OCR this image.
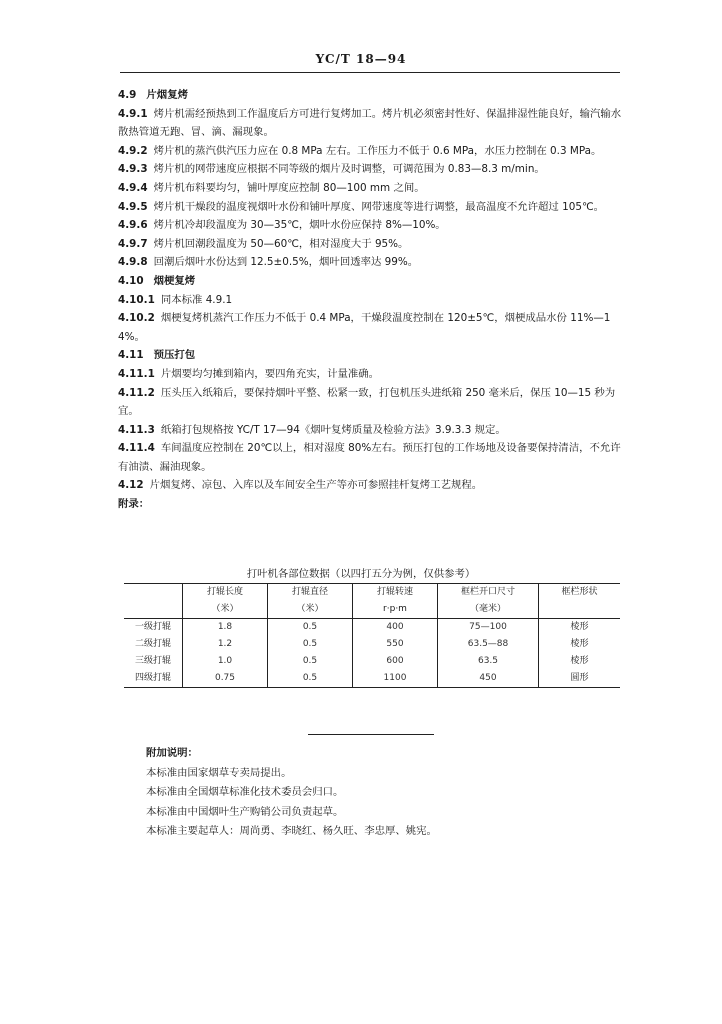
YC/T 18—94

4.9 片烟复烤

4.9.1 烤片机需经预热到工作温度后方可进行复烤加工。烤片机必须密封性好、保温排湿性能良好，输汽输水散热管道无跑、冒、滴、漏现象。

4.9.2 烤片机的蒸汽供汽压力应在 0.8 MPa 左右。工作压力不低于 0.6 MPa，水压力控制在 0.3 MPa。

4.9.3 烤片机的网带速度应根据不同等级的烟片及时调整，可调范围为 0.83—8.3 m/min。

4.9.4 烤片机布料要均匀，铺叶厚度应控制 80—100 mm 之间。

4.9.5 烤片机干燥段的温度视烟叶水份和铺叶厚度、网带速度等进行调整，最高温度不允许超过 105℃。

4.9.6 烤片机冷却段温度为 30—35℃，烟叶水份应保持 8%—10%。

4.9.7 烤片机回潮段温度为 50—60℃，相对湿度大于 95%。

4.9.8 回潮后烟叶水份达到 12.5±0.5%，烟叶回透率达 99%。

4.10 烟梗复烤

4.10.1 同本标准 4.9.1

4.10.2 烟梗复烤机蒸汽工作压力不低于 0.4 MPa，干燥段温度控制在 120±5℃，烟梗成品水份 11%—14%。

4.11 预压打包

4.11.1 片烟要均匀摊到箱内，要四角充实，计量准确。

4.11.2 压头压入纸箱后，要保持烟叶平整、松紧一致，打包机压头进纸箱 250 毫米后，保压 10—15 秒为宜。

4.11.3 纸箱打包规格按 YC/T 17—94《烟叶复烤质量及检验方法》3.9.3.3 规定。

4.11.4 车间温度应控制在 20℃以上，相对湿度 80%左右。预压打包的工作场地及设备要保持清洁，不允许有油渍、漏油现象。

4.12 片烟复烤、凉包、入库以及车间安全生产等亦可参照挂杆复烤工艺规程。

附录：

打叶机各部位数据（以四打五分为例，仅供参考）
	打辊长度	打辊直径	打辊转速	框栏开口尺寸	框栏形状
	（米）	（米）	r·p·m	（毫米）	
一级打辊	1.8	0.5	400	75—100	棱形
二级打辊	1.2	0.5	550	63.5—88	棱形
三级打辊	1.0	0.5	600	63.5	棱形
四级打辊	0.75	0.5	1100	450	圆形

附加说明：

本标准由国家烟草专卖局提出。

本标准由全国烟草标准化技术委员会归口。

本标准由中国烟叶生产购销公司负责起草。

本标准主要起草人：周尚勇、李晓红、杨久旺、李忠厚、姚宪。
